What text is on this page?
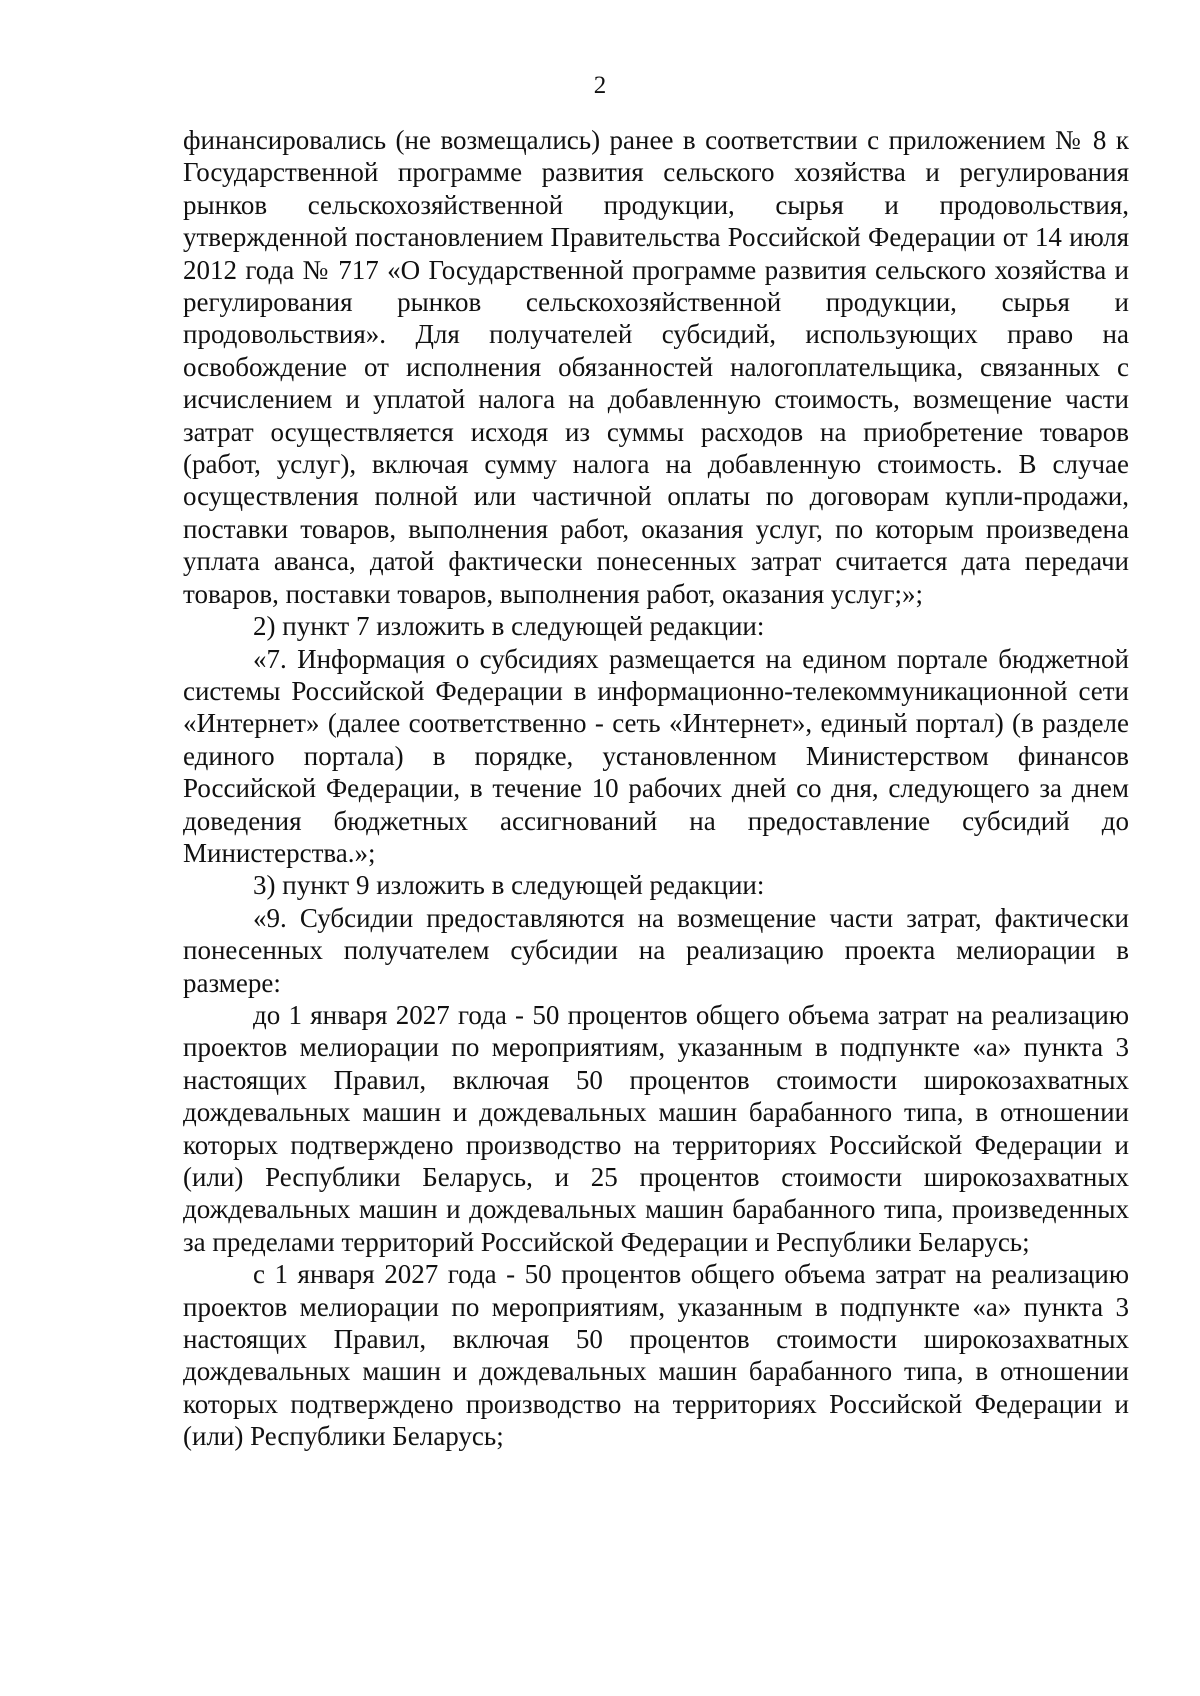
2

финансировались (не возмещались) ранее в соответствии с приложением № 8 к Государственной программе развития сельского хозяйства и регулирования рынков сельскохозяйственной продукции, сырья и продовольствия, утвержденной постановлением Правительства Российской Федерации от 14 июля 2012 года № 717 «О Государственной программе развития сельского хозяйства и регулирования рынков сельскохозяйственной продукции, сырья и продовольствия». Для получателей субсидий, использующих право на освобождение от исполнения обязанностей налогоплательщика, связанных с исчислением и уплатой налога на добавленную стоимость, возмещение части затрат осуществляется исходя из суммы расходов на приобретение товаров (работ, услуг), включая сумму налога на добавленную стоимость. В случае осуществления полной или частичной оплаты по договорам купли-продажи, поставки товаров, выполнения работ, оказания услуг, по которым произведена уплата аванса, датой фактически понесенных затрат считается дата передачи товаров, поставки товаров, выполнения работ, оказания услуг;»;

2) пункт 7 изложить в следующей редакции:

«7. Информация о субсидиях размещается на едином портале бюджетной системы Российской Федерации в информационно-телекоммуникационной сети «Интернет» (далее соответственно - сеть «Интернет», единый портал) (в разделе единого портала) в порядке, установленном Министерством финансов Российской Федерации, в течение 10 рабочих дней со дня, следующего за днем доведения бюджетных ассигнований на предоставление субсидий до Министерства.»;

3) пункт 9 изложить в следующей редакции:

«9. Субсидии предоставляются на возмещение части затрат, фактически понесенных получателем субсидии на реализацию проекта мелиорации в размере:

до 1 января 2027 года - 50 процентов общего объема затрат на реализацию проектов мелиорации по мероприятиям, указанным в подпункте «а» пункта 3 настоящих Правил, включая 50 процентов стоимости широкозахватных дождевальных машин и дождевальных машин барабанного типа, в отношении которых подтверждено производство на территориях Российской Федерации и (или) Республики Беларусь, и 25 процентов стоимости широкозахватных дождевальных машин и дождевальных машин барабанного типа, произведенных за пределами территорий Российской Федерации и Республики Беларусь;

с 1 января 2027 года - 50 процентов общего объема затрат на реализацию проектов мелиорации по мероприятиям, указанным в подпункте «а» пункта 3 настоящих Правил, включая 50 процентов стоимости широкозахватных дождевальных машин и дождевальных машин барабанного типа, в отношении которых подтверждено производство на территориях Российской Федерации и (или) Республики Беларусь;
